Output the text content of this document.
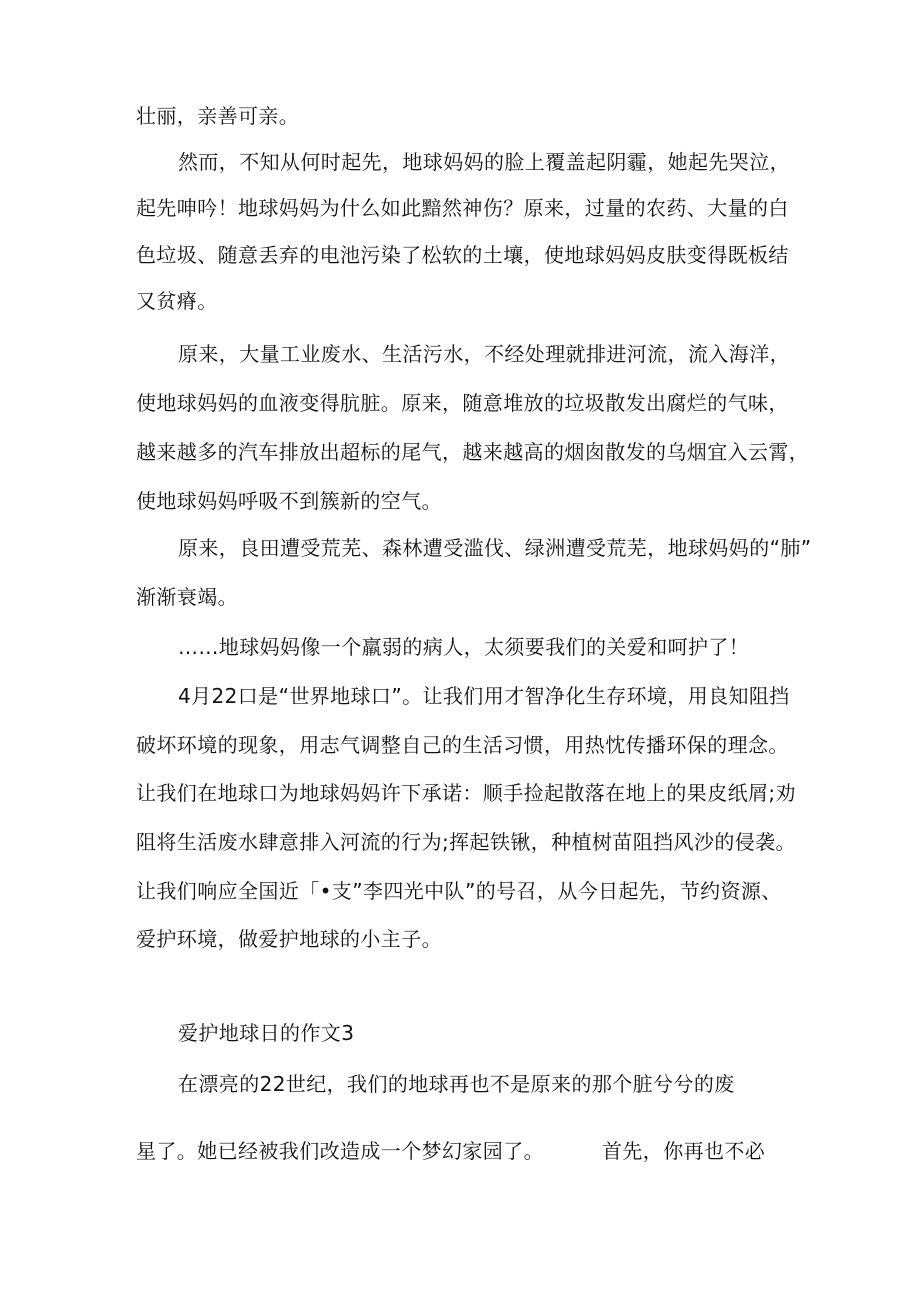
壮丽，亲善可亲。
然而，不知从何时起先，地球妈妈的脸上覆盖起阴霾，她起先哭泣，
起先呻吟！地球妈妈为什么如此黯然神伤？原来，过量的农药、大量的白
色垃圾、随意丢弃的电池污染了松软的土壤，使地球妈妈皮肤变得既板结
又贫瘠。
原来，大量工业废水、生活污水，不经处理就排进河流，流入海洋，
使地球妈妈的血液变得肮脏。原来，随意堆放的垃圾散发出腐烂的气味，
越来越多的汽车排放出超标的尾气，越来越高的烟囱散发的乌烟宜入云霄，
使地球妈妈呼吸不到簇新的空气。
原来，良田遭受荒芜、森林遭受滥伐、绿洲遭受荒芜，地球妈妈的“肺”
渐渐衰竭。
……地球妈妈像一个羸弱的病人，太须要我们的关爱和呵护了！
4月22口是“世界地球口”。让我们用才智净化生存环境，用良知阻挡
破坏环境的现象，用志气调整自己的生活习惯，用热忱传播环保的理念。
让我们在地球口为地球妈妈许下承诺：顺手捡起散落在地上的果皮纸屑;劝
阻将生活废水肆意排入河流的行为;挥起铁锹，种植树苗阻挡风沙的侵袭。
让我们响应全国近「•支”李四光中队”的号召，从今日起先，节约资源、
爱护环境，做爱护地球的小主子。
爱护地球日的作文3
在漂亮的22世纪，我们的地球再也不是原来的那个脏兮兮的废
星了。她已经被我们改造成一个梦幻家园了。	首先，你再也不必
